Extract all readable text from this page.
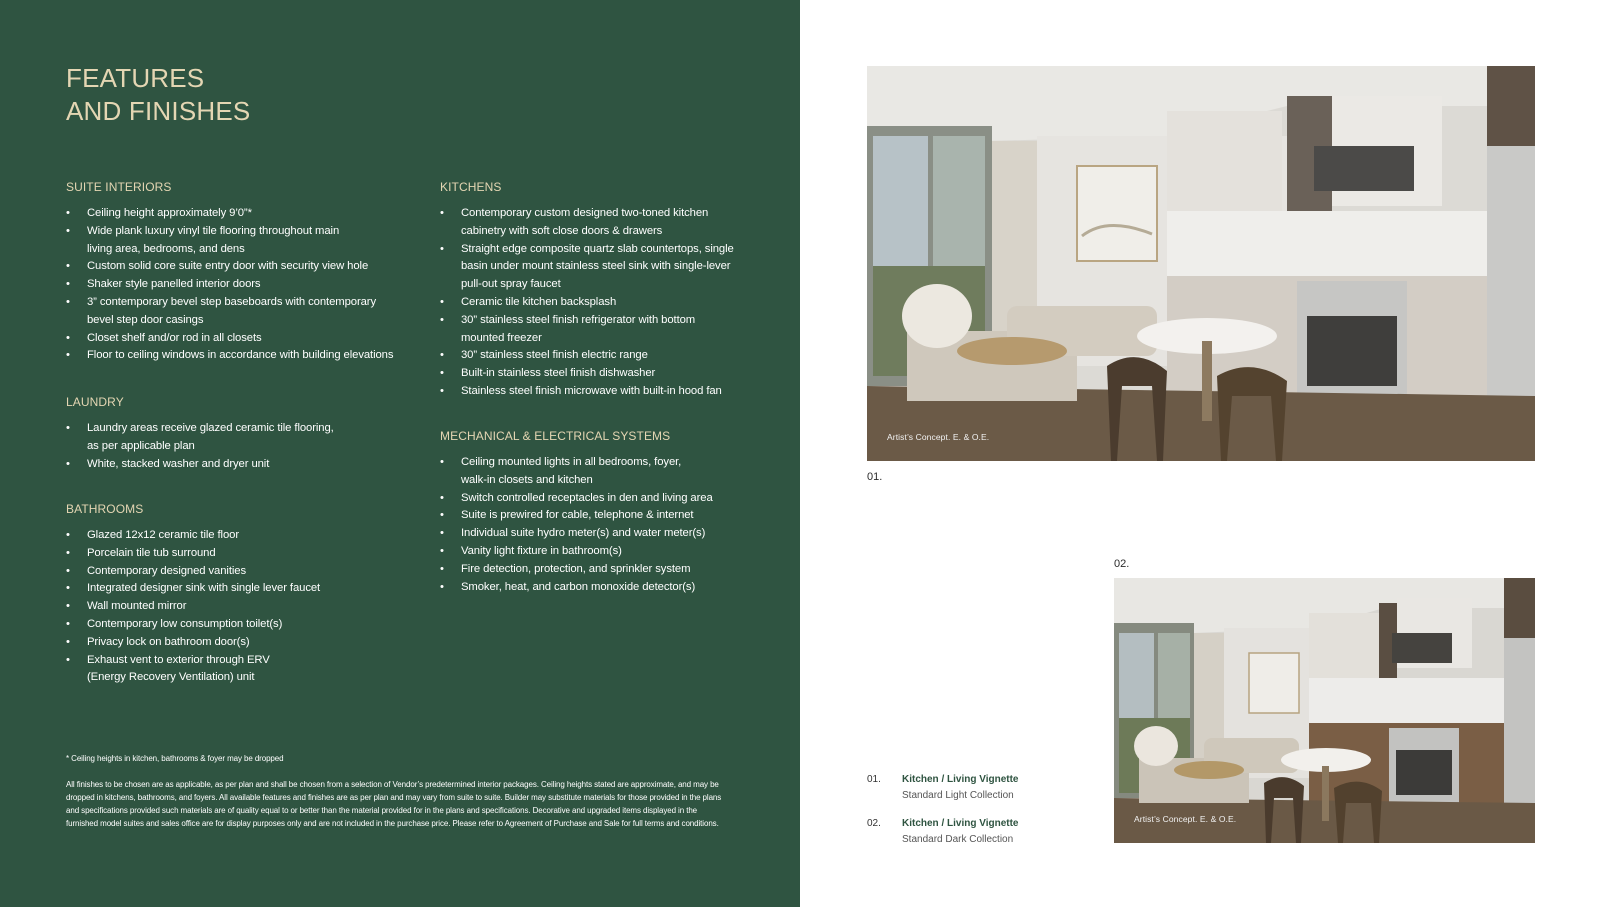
FEATURES
AND FINISHES
SUITE INTERIORS
• Ceiling height approximately 9’0”*
• Wide plank luxury vinyl tile flooring throughout main living area, bedrooms, and dens
• Custom solid core suite entry door with security view hole
• Shaker style panelled interior doors
• 3” contemporary bevel step baseboards with contemporary bevel step door casings
• Closet shelf and/or rod in all closets
• Floor to ceiling windows in accordance with building elevations
LAUNDRY
• Laundry areas receive glazed ceramic tile flooring, as per applicable plan
• White, stacked washer and dryer unit
BATHROOMS
• Glazed 12x12 ceramic tile floor
• Porcelain tile tub surround
• Contemporary designed vanities
• Integrated designer sink with single lever faucet
• Wall mounted mirror
• Contemporary low consumption toilet(s)
• Privacy lock on bathroom door(s)
• Exhaust vent to exterior through ERV (Energy Recovery Ventilation) unit
KITCHENS
• Contemporary custom designed two-toned kitchen cabinetry with soft close doors & drawers
• Straight edge composite quartz slab countertops, single basin under mount stainless steel sink with single-lever pull-out spray faucet
• Ceramic tile kitchen backsplash
• 30” stainless steel finish refrigerator with bottom mounted freezer
• 30” stainless steel finish electric range
• Built-in stainless steel finish dishwasher
• Stainless steel finish microwave with built-in hood fan
MECHANICAL & ELECTRICAL SYSTEMS
• Ceiling mounted lights in all bedrooms, foyer, walk-in closets and kitchen
• Switch controlled receptacles in den and living area
• Suite is prewired for cable, telephone & internet
• Individual suite hydro meter(s) and water meter(s)
• Vanity light fixture in bathroom(s)
• Fire detection, protection, and sprinkler system
• Smoker, heat, and carbon monoxide detector(s)
* Ceiling heights in kitchen, bathrooms & foyer may be dropped
All finishes to be chosen are as applicable, as per plan and shall be chosen from a selection of Vendor’s predetermined interior packages. Ceiling heights stated are approximate, and may be dropped in kitchens, bathrooms, and foyers. All available features and finishes are as per plan and may vary from suite to suite. Builder may substitute materials for those provided in the plans and specifications provided such materials are of quality equal to or better than the material provided for in the plans and specifications. Decorative and upgraded items displayed in the furnished model suites and sales office are for display purposes only and are not included in the purchase price. Please refer to Agreement of Purchase and Sale for full terms and conditions.
Artist’s Concept. E. & O.E.
01.
02.
Artist’s Concept. E. & O.E.
01. Kitchen / Living Vignette
Standard Light Collection
02. Kitchen / Living Vignette
Standard Dark Collection
